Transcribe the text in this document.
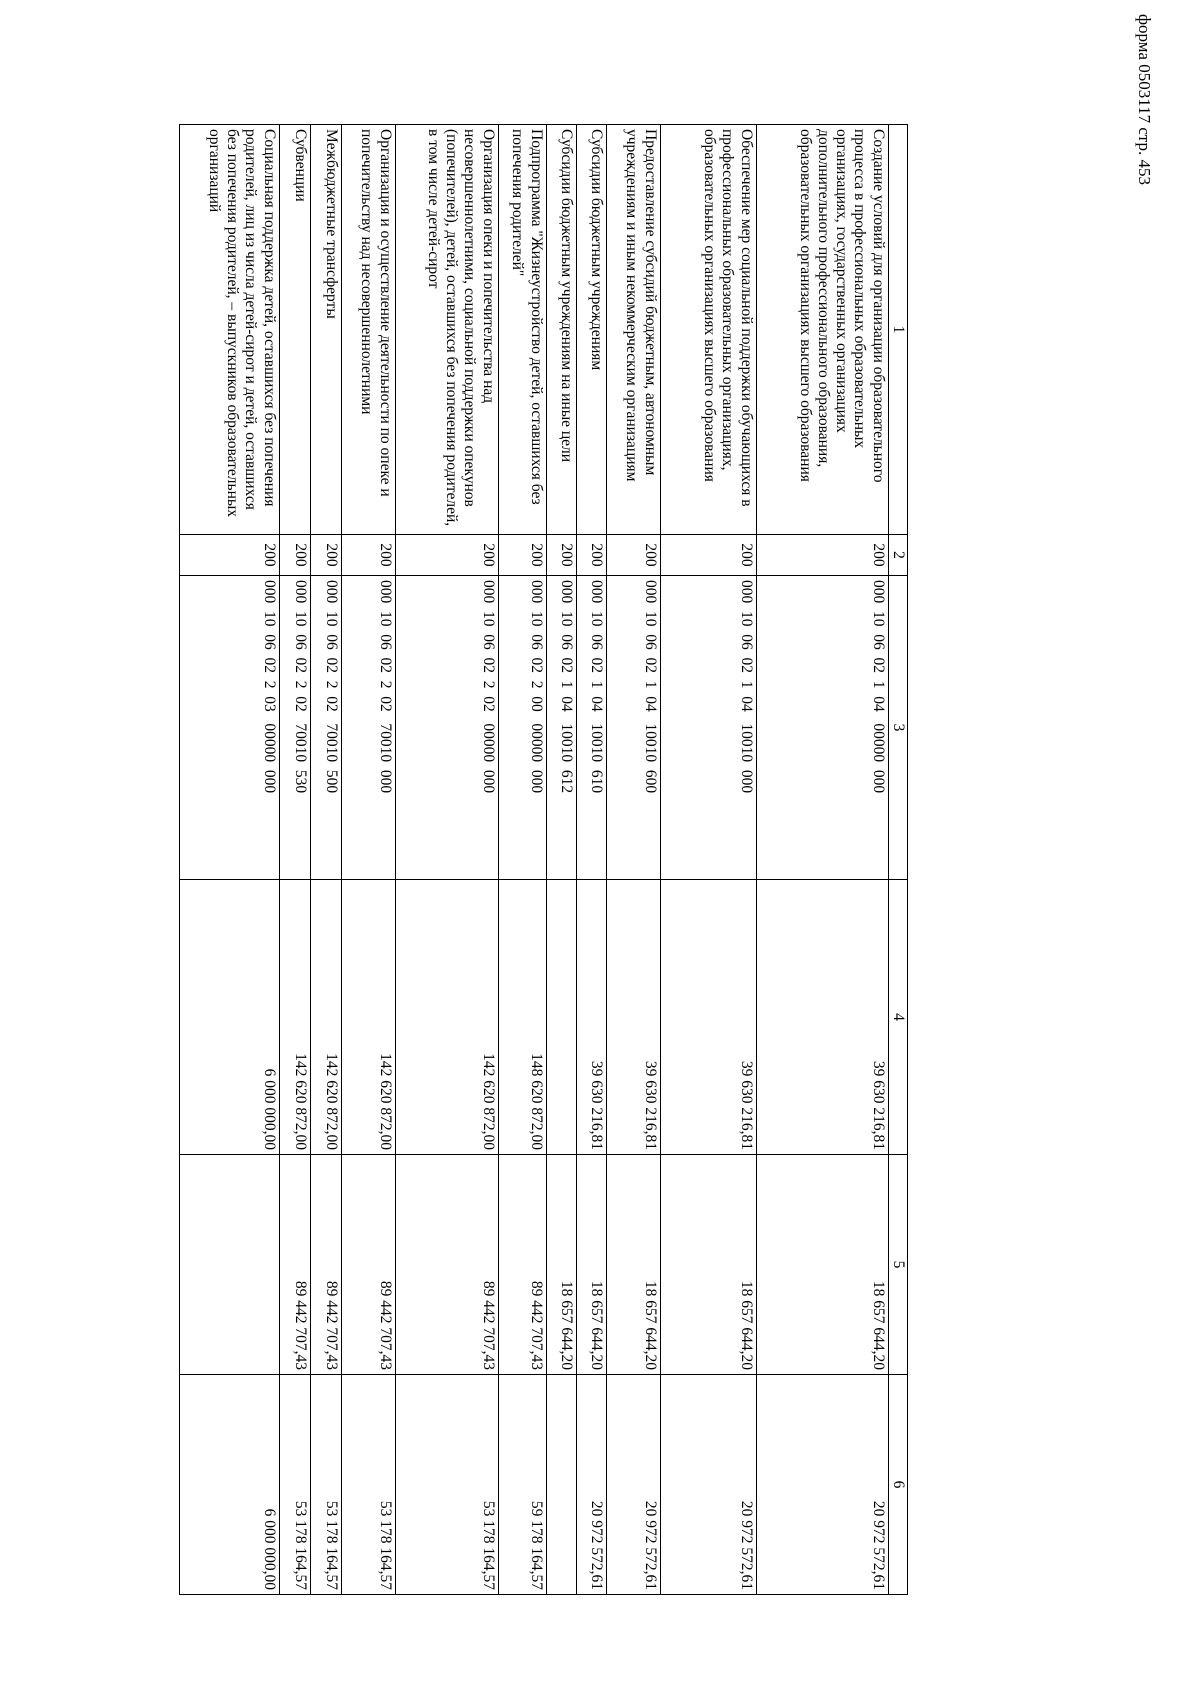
форма 0503117 стр. 453
1	2	3	4	5	6
Создание условий для организации образовательного процесса в профессиональных образовательных организациях, государственных организациях дополнительного профессионального образования, образовательных организациях высшего образования	200	000  10  06  02  1  04   00000  000	39 630 216,81	18 657 644,20	20 972 572,61
Обеспечение мер социальной поддержки обучающихся в профессиональных образовательных организациях, образовательных организациях высшего образования	200	000  10  06  02  1  04   10010  000	39 630 216,81	18 657 644,20	20 972 572,61
Предоставление субсидий бюджетным, автономным учреждениям и иным некоммерческим организациям	200	000  10  06  02  1  04   10010  600	39 630 216,81	18 657 644,20	20 972 572,61
Субсидии бюджетным учреждениям	200	000  10  06  02  1  04   10010  610	39 630 216,81	18 657 644,20	20 972 572,61
Субсидии бюджетным учреждениям на иные цели	200	000  10  06  02  1  04   10010  612		18 657 644,20	
Подпрограмма "Жизнеустройство детей, оставшихся без попечения родителей"	200	000  10  06  02  2  00   00000  000	148 620 872,00	89 442 707,43	59 178 164,57
Организация опеки и попечительства над несовершеннолетними, социальной поддержки опекунов (попечителей), детей, оставшихся без попечения родителей, в том числе детей-сирот	200	000  10  06  02  2  02   00000  000	142 620 872,00	89 442 707,43	53 178 164,57
Организация и осуществление деятельности по опеке и попечительству над несовершеннолетними	200	000  10  06  02  2  02   70010  000	142 620 872,00	89 442 707,43	53 178 164,57
Межбюджетные трансферты	200	000  10  06  02  2  02   70010  500	142 620 872,00	89 442 707,43	53 178 164,57
Субвенции	200	000  10  06  02  2  02   70010  530	142 620 872,00	89 442 707,43	53 178 164,57
Социальная поддержка детей, оставшихся без попечения родителей, лиц из числа детей-сирот и детей, оставшихся без попечения родителей, – выпускников образовательных организаций	200	000  10  06  02  2  03   00000  000	6 000 000,00		6 000 000,00
